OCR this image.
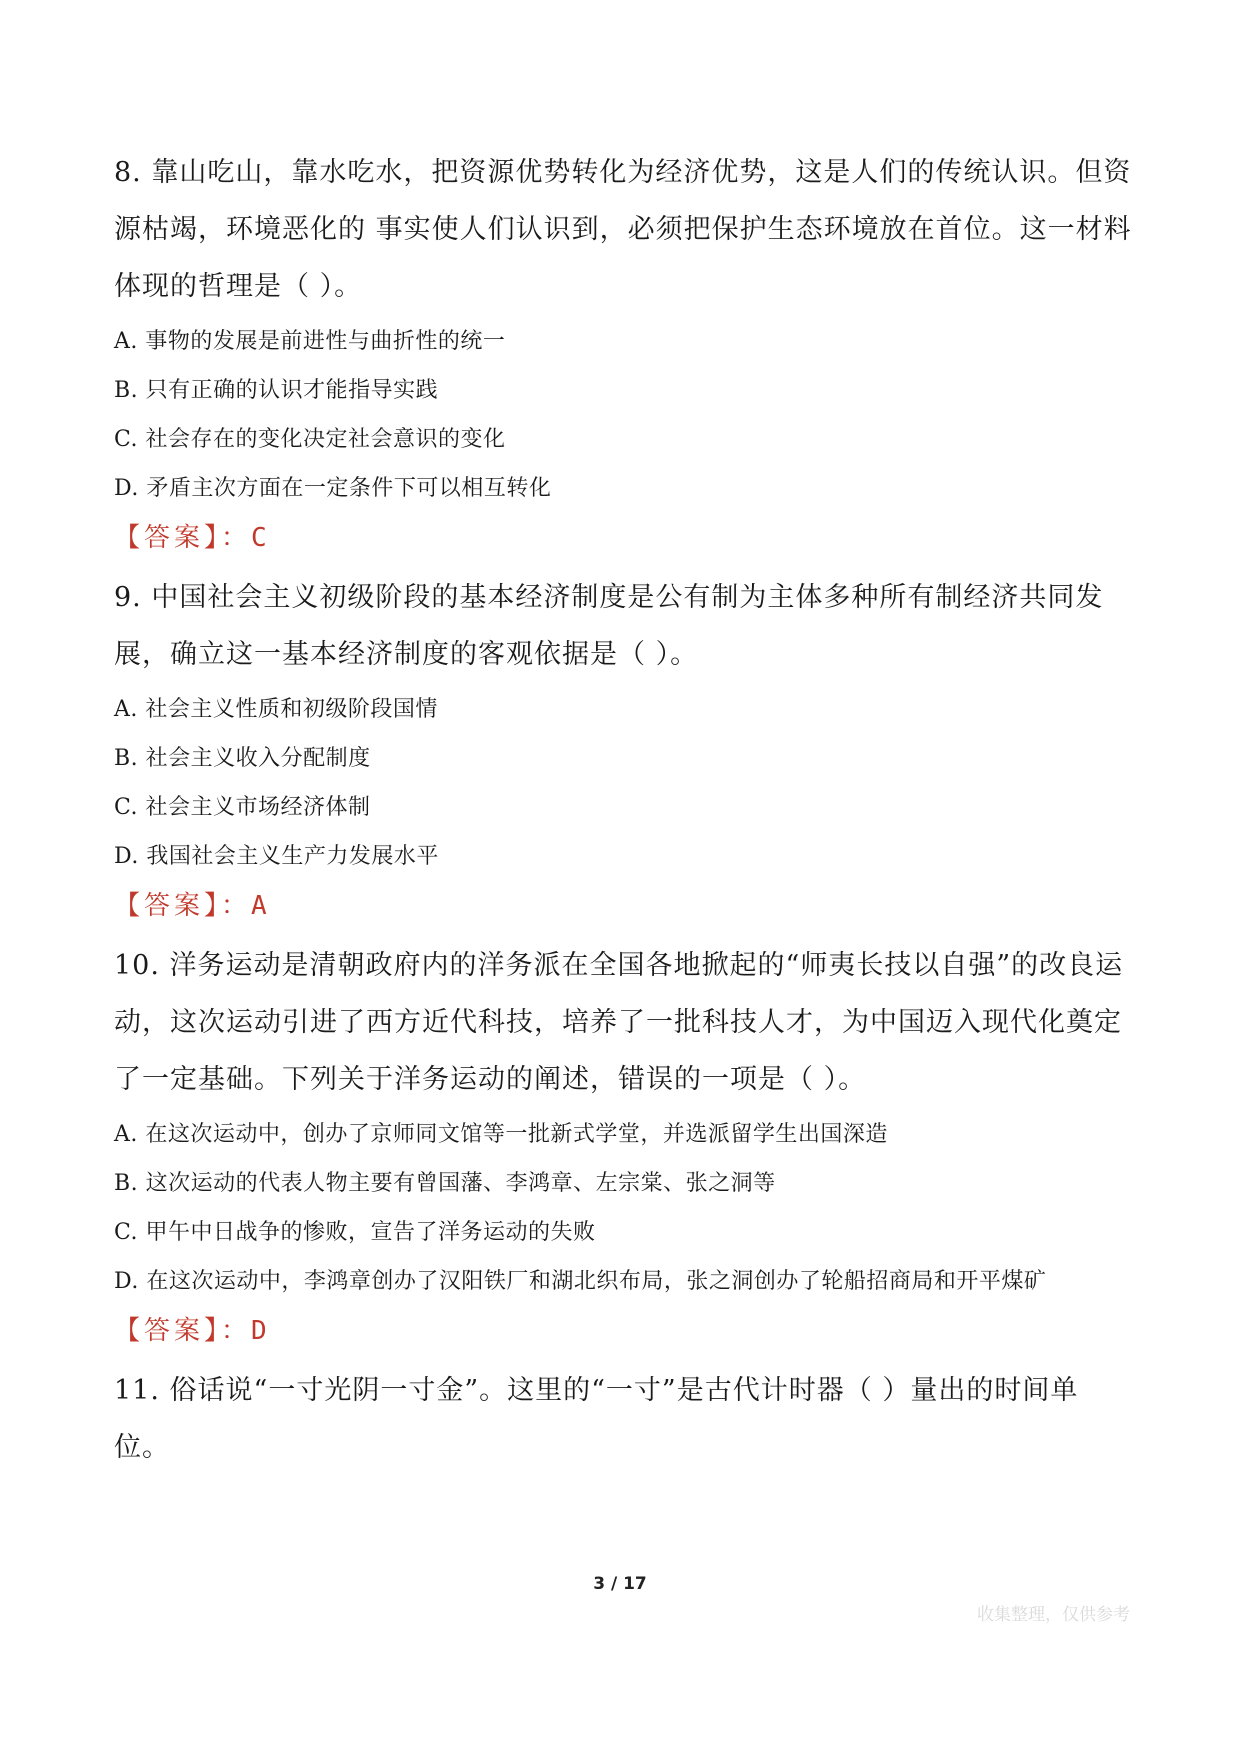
8. 靠山吃山，靠水吃水，把资源优势转化为经济优势，这是人们的传统认识。但资源枯竭，环境恶化的 事实使人们认识到，必须把保护生态环境放在首位。这一材料体现的哲理是（ ）。

A. 事物的发展是前进性与曲折性的统一
B. 只有正确的认识才能指导实践
C. 社会存在的变化决定社会意识的变化
D. 矛盾主次方面在一定条件下可以相互转化

【答案】：C

9. 中国社会主义初级阶段的基本经济制度是公有制为主体多种所有制经济共同发展，确立这一基本经济制度的客观依据是（ ）。

A. 社会主义性质和初级阶段国情
B. 社会主义收入分配制度
C. 社会主义市场经济体制
D. 我国社会主义生产力发展水平

【答案】：A

10. 洋务运动是清朝政府内的洋务派在全国各地掀起的“师夷长技以自强”的改良运动，这次运动引进了西方近代科技，培养了一批科技人才，为中国迈入现代化奠定了一定基础。下列关于洋务运动的阐述，错误的一项是（ ）。

A. 在这次运动中，创办了京师同文馆等一批新式学堂，并选派留学生出国深造
B. 这次运动的代表人物主要有曾国藩、李鸿章、左宗棠、张之洞等
C. 甲午中日战争的惨败，宣告了洋务运动的失败
D. 在这次运动中，李鸿章创办了汉阳铁厂和湖北织布局，张之洞创办了轮船招商局和开平煤矿

【答案】：D

11. 俗话说“一寸光阴一寸金”。这里的“一寸”是古代计时器（ ）量出的时间单位。

3 / 17
收集整理，仅供参考
